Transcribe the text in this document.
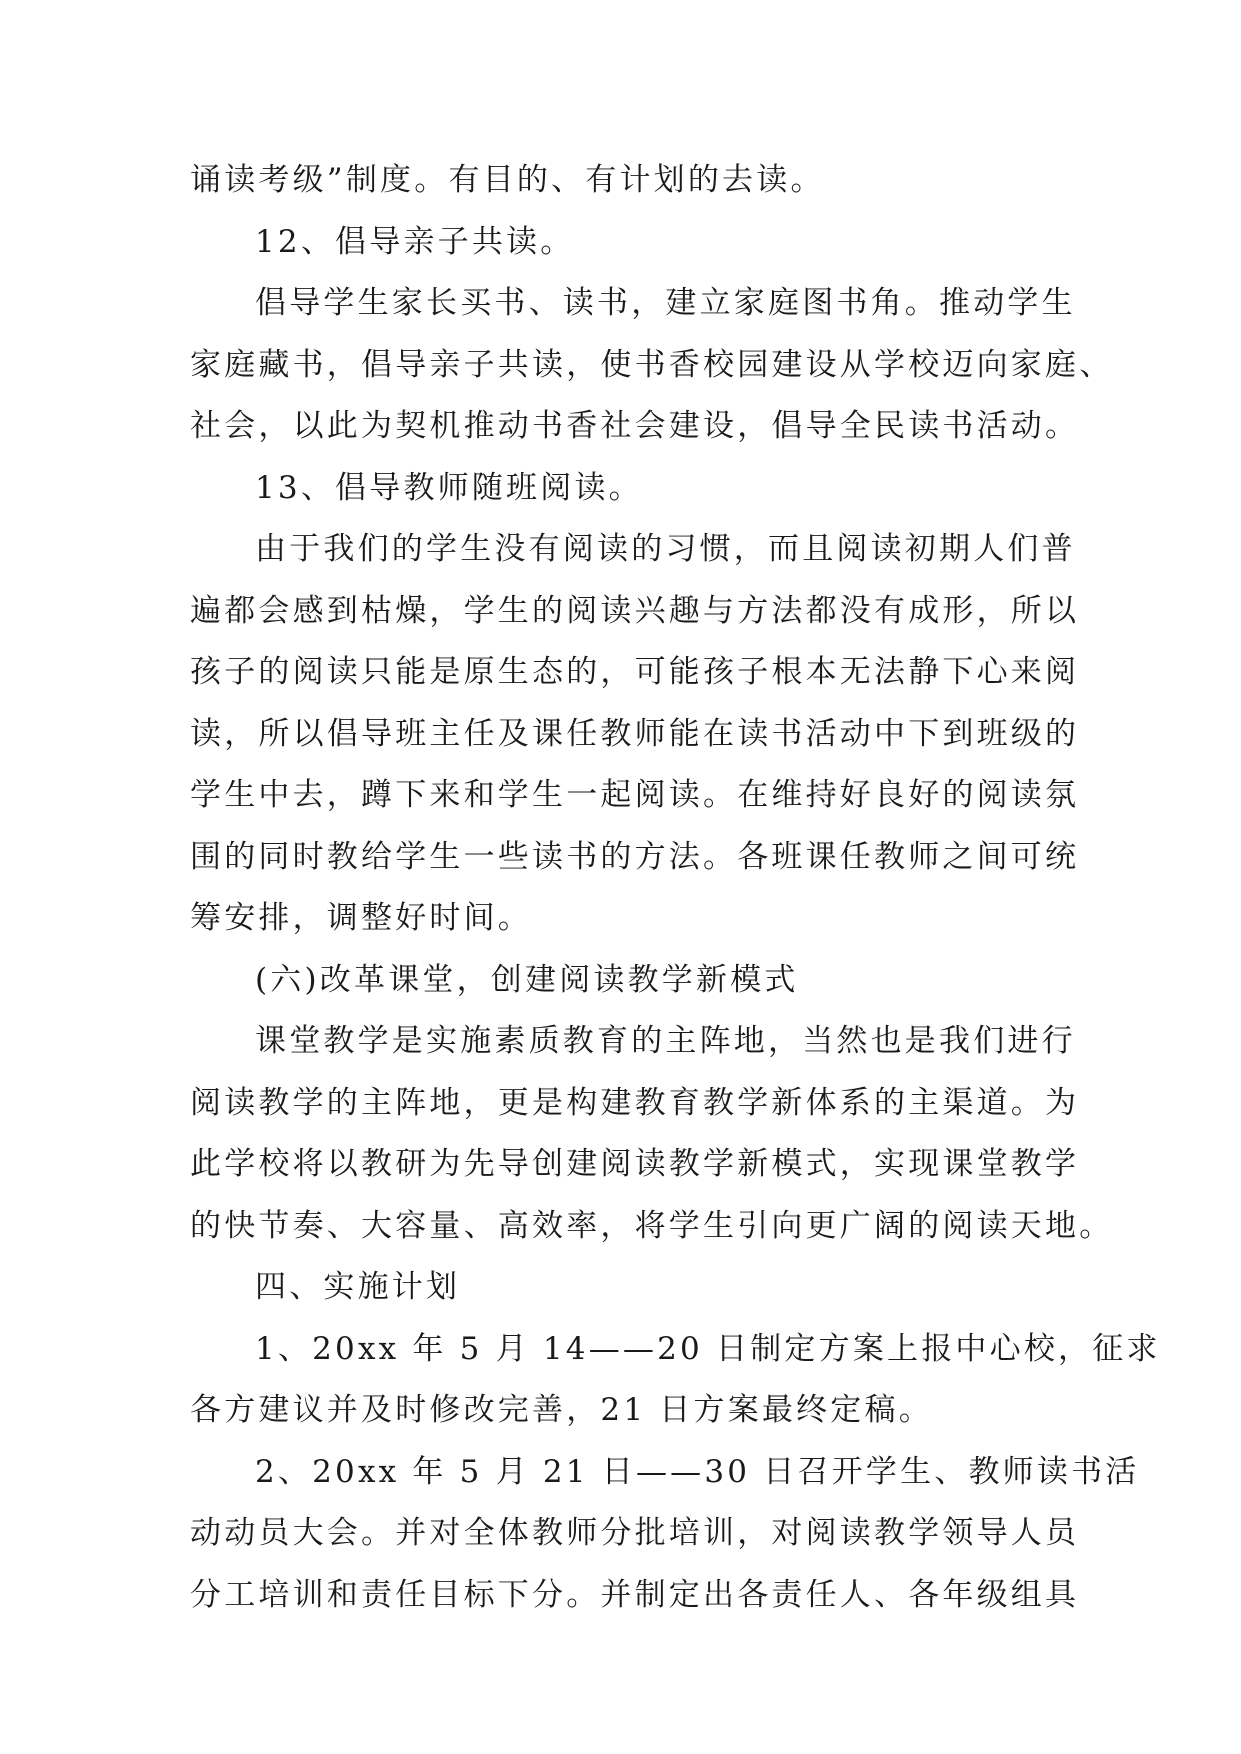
诵读考级”制度。有目的、有计划的去读。
12、倡导亲子共读。
倡导学生家长买书、读书，建立家庭图书角。推动学生
家庭藏书，倡导亲子共读，使书香校园建设从学校迈向家庭、
社会，以此为契机推动书香社会建设，倡导全民读书活动。
13、倡导教师随班阅读。
由于我们的学生没有阅读的习惯，而且阅读初期人们普
遍都会感到枯燥，学生的阅读兴趣与方法都没有成形，所以
孩子的阅读只能是原生态的，可能孩子根本无法静下心来阅
读，所以倡导班主任及课任教师能在读书活动中下到班级的
学生中去，蹲下来和学生一起阅读。在维持好良好的阅读氛
围的同时教给学生一些读书的方法。各班课任教师之间可统
筹安排，调整好时间。
(六)改革课堂，创建阅读教学新模式
课堂教学是实施素质教育的主阵地，当然也是我们进行
阅读教学的主阵地，更是构建教育教学新体系的主渠道。为
此学校将以教研为先导创建阅读教学新模式，实现课堂教学
的快节奏、大容量、高效率，将学生引向更广阔的阅读天地。
四、实施计划
1、20xx 年 5 月 14——20 日制定方案上报中心校，征求
各方建议并及时修改完善，21 日方案最终定稿。
2、20xx 年 5 月 21 日——30 日召开学生、教师读书活
动动员大会。并对全体教师分批培训，对阅读教学领导人员
分工培训和责任目标下分。并制定出各责任人、各年级组具
